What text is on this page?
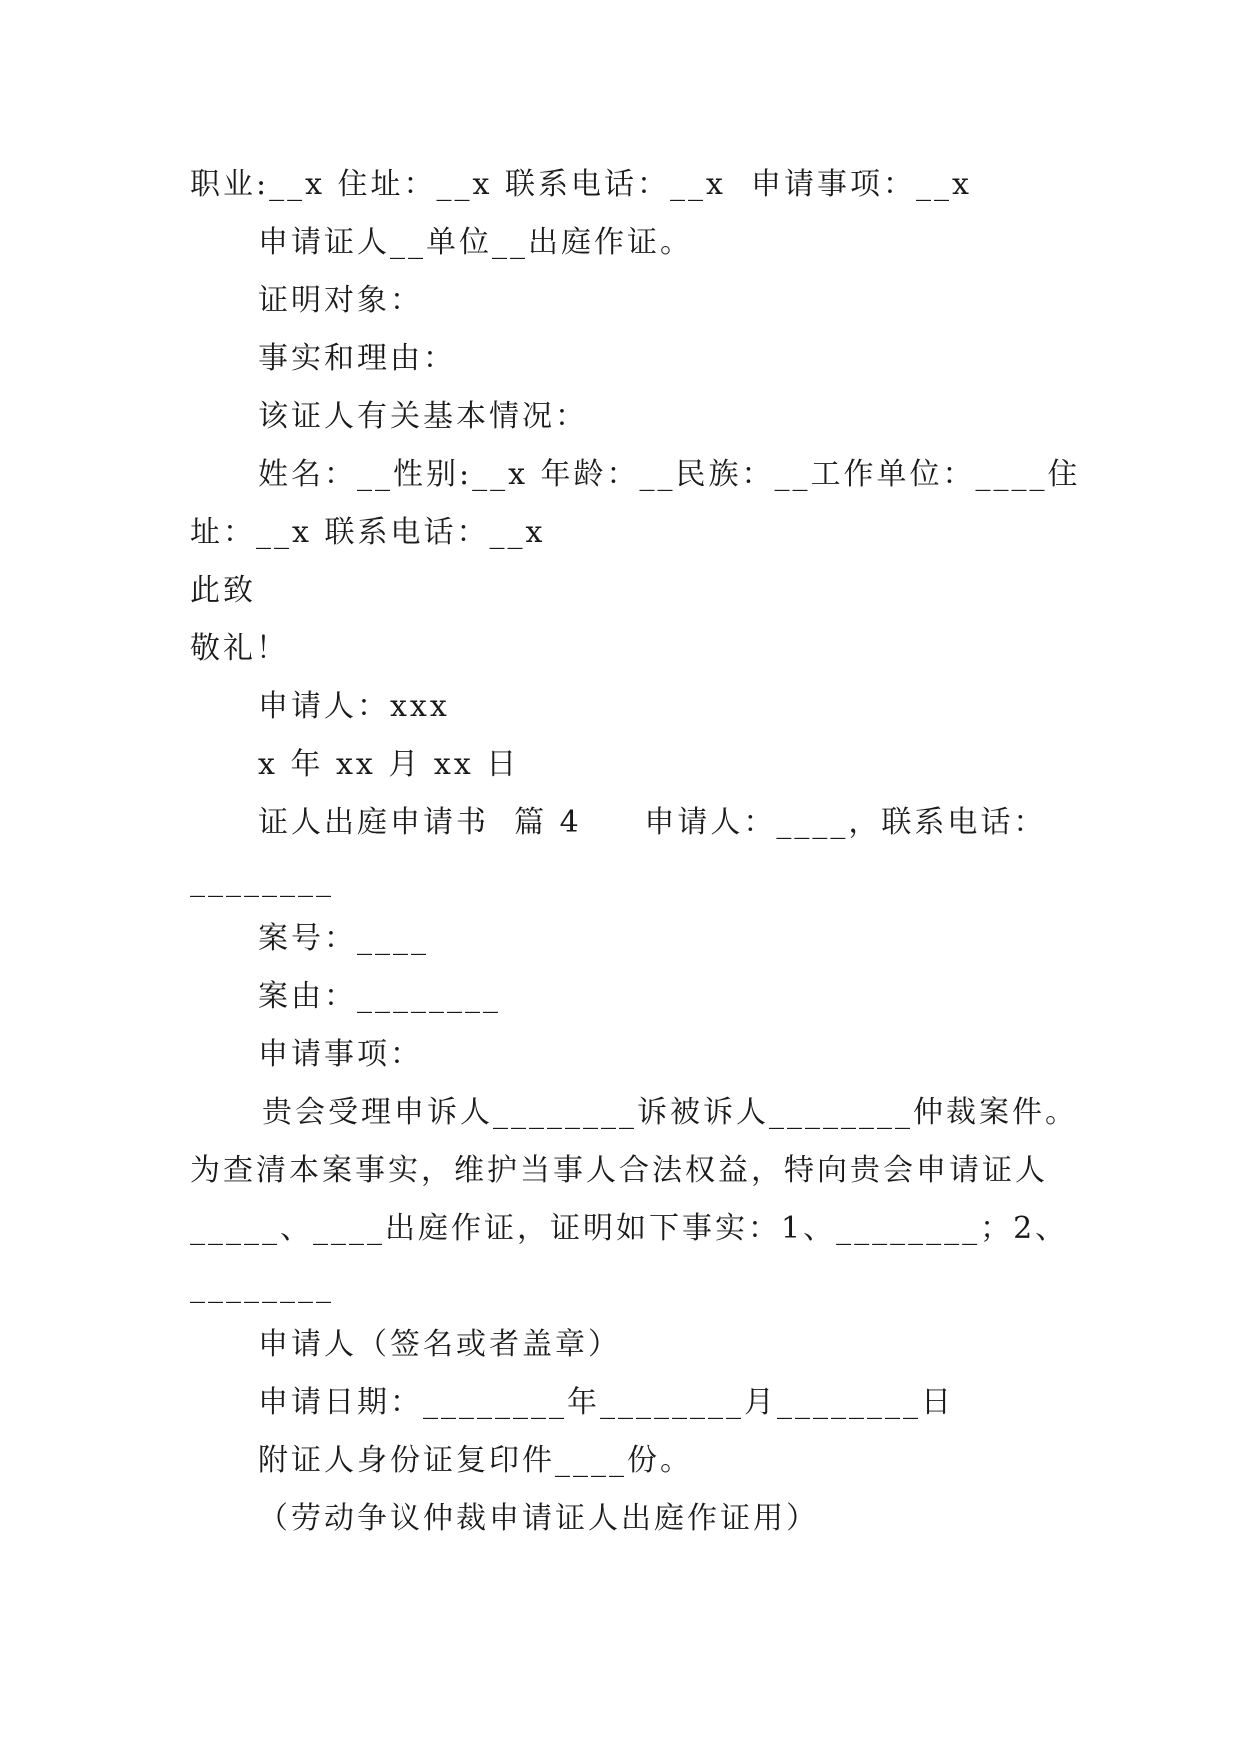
职业:__x 住址：__x 联系电话：__x  申请事项：__x
申请证人__单位__出庭作证。
证明对象：
事实和理由：
该证人有关基本情况：
姓名：__性别:__x 年龄：__民族：__工作单位：____住
址：__x 联系电话：__x
此致
敬礼！
申请人：xxx
x 年 xx 月 xx 日
证人出庭申请书  篇 4     申请人：____，联系电话：
________
案号：____
案由：________
申请事项：
贵会受理申诉人________诉被诉人________仲裁案件。
为查清本案事实，维护当事人合法权益，特向贵会申请证人
_____、____出庭作证，证明如下事实：1、________；2、
________
申请人（签名或者盖章）
申请日期：________年________月________日
附证人身份证复印件____份。
（劳动争议仲裁申请证人出庭作证用）
